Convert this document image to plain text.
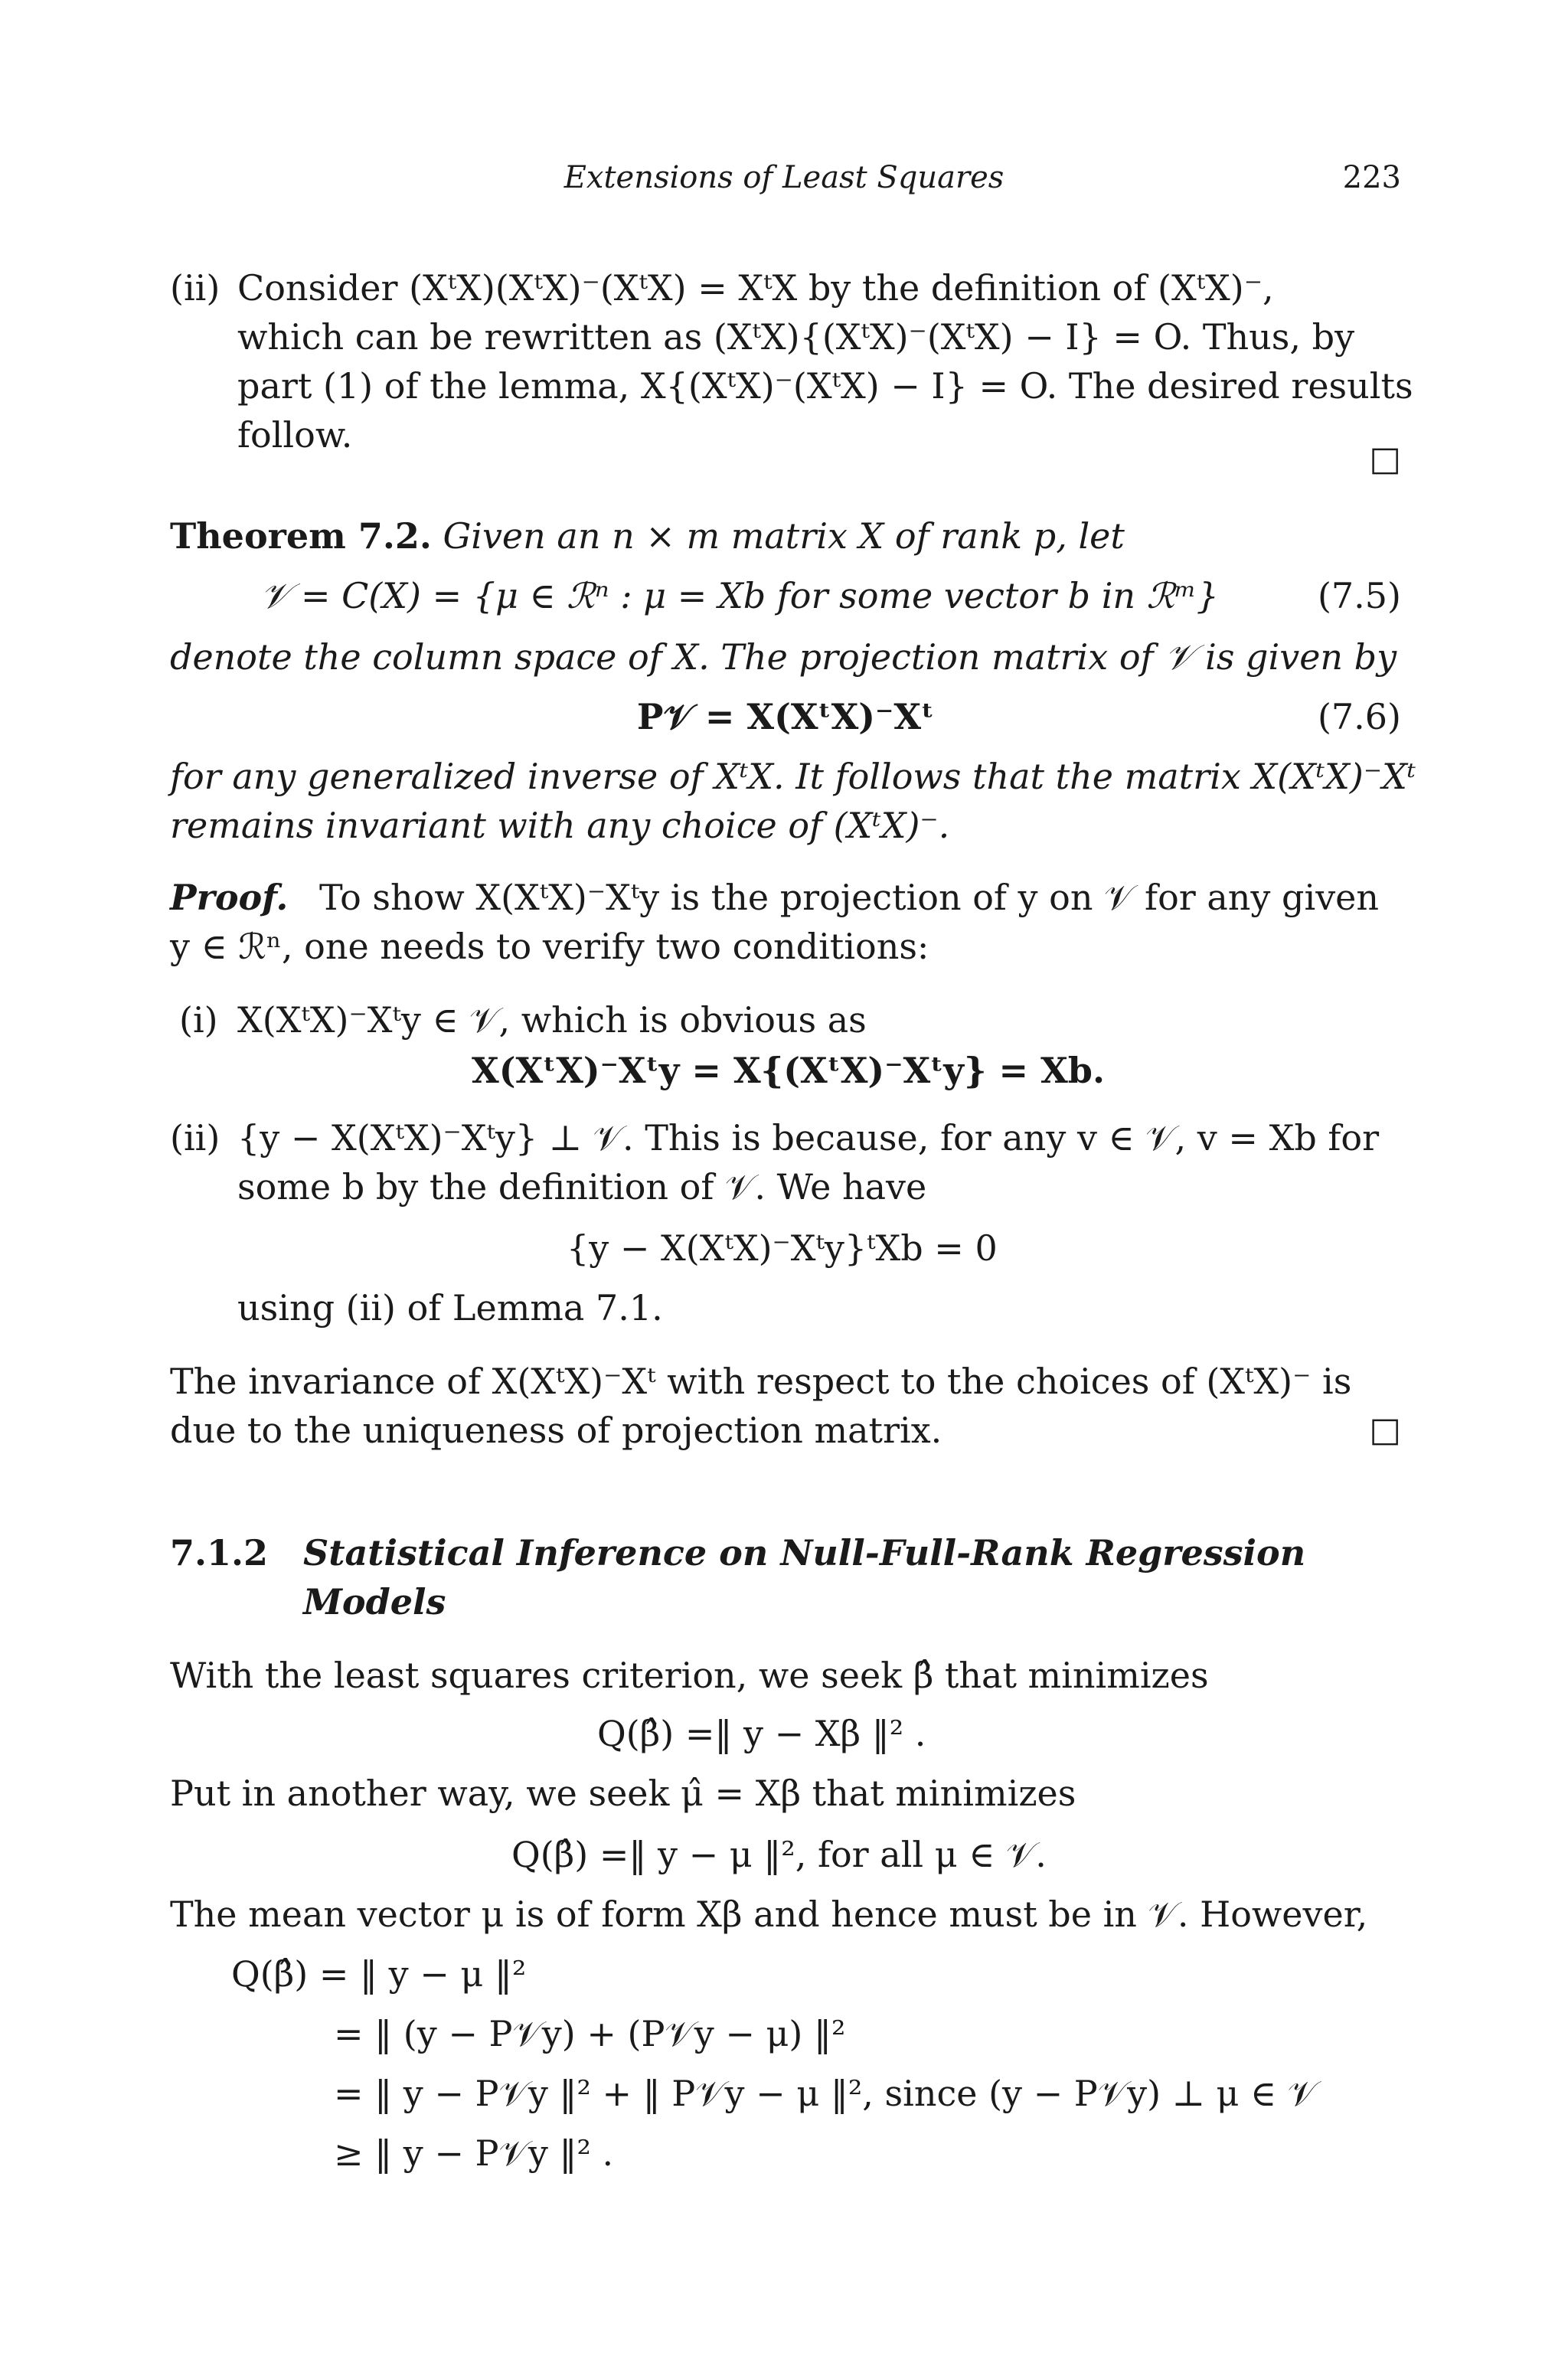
Extensions of Least Squares	223
(ii) Consider (XᵗX)(XᵗX)⁻(XᵗX) = XᵗX by the definition of (XᵗX)⁻,
which can be rewritten as (XᵗX){(XᵗX)⁻(XᵗX) − I} = O. Thus, by
part (1) of the lemma, X{(XᵗX)⁻(XᵗX) − I} = O. The desired results
follow.
□
Theorem 7.2. Given an n × m matrix X of rank p, let
𝒱 = C(X) = {μ ∈ ℛⁿ : μ = Xb for some vector b in ℛᵐ}	(7.5)
denote the column space of X. The projection matrix of 𝒱 is given by
P𝒱 = X(XᵗX)⁻Xᵗ	(7.6)
for any generalized inverse of XᵗX. It follows that the matrix X(XᵗX)⁻Xᵗ
remains invariant with any choice of (XᵗX)⁻.
Proof. To show X(XᵗX)⁻Xᵗy is the projection of y on 𝒱 for any given
y ∈ ℛⁿ, one needs to verify two conditions:
(i) X(XᵗX)⁻Xᵗy ∈ 𝒱, which is obvious as
X(XᵗX)⁻Xᵗy = X{(XᵗX)⁻Xᵗy} = Xb.
(ii) {y − X(XᵗX)⁻Xᵗy} ⊥ 𝒱. This is because, for any v ∈ 𝒱, v = Xb for
some b by the definition of 𝒱. We have
{y − X(XᵗX)⁻Xᵗy}ᵗXb = 0
using (ii) of Lemma 7.1.
The invariance of X(XᵗX)⁻Xᵗ with respect to the choices of (XᵗX)⁻ is
due to the uniqueness of projection matrix.	□
7.1.2 Statistical Inference on Null-Full-Rank Regression
Models
With the least squares criterion, we seek β̂ that minimizes
Q(β̂) =‖ y − Xβ ‖² .
Put in another way, we seek μ̂ = Xβ that minimizes
Q(β̂) =‖ y − μ ‖², for all μ ∈ 𝒱.
The mean vector μ is of form Xβ and hence must be in 𝒱. However,
Q(β̂) = ‖ y − μ ‖²
= ‖ (y − P𝒱y) + (P𝒱y − μ) ‖²
= ‖ y − P𝒱y ‖² + ‖ P𝒱y − μ ‖², since (y − P𝒱y) ⊥ μ ∈ 𝒱
≥ ‖ y − P𝒱y ‖² .
